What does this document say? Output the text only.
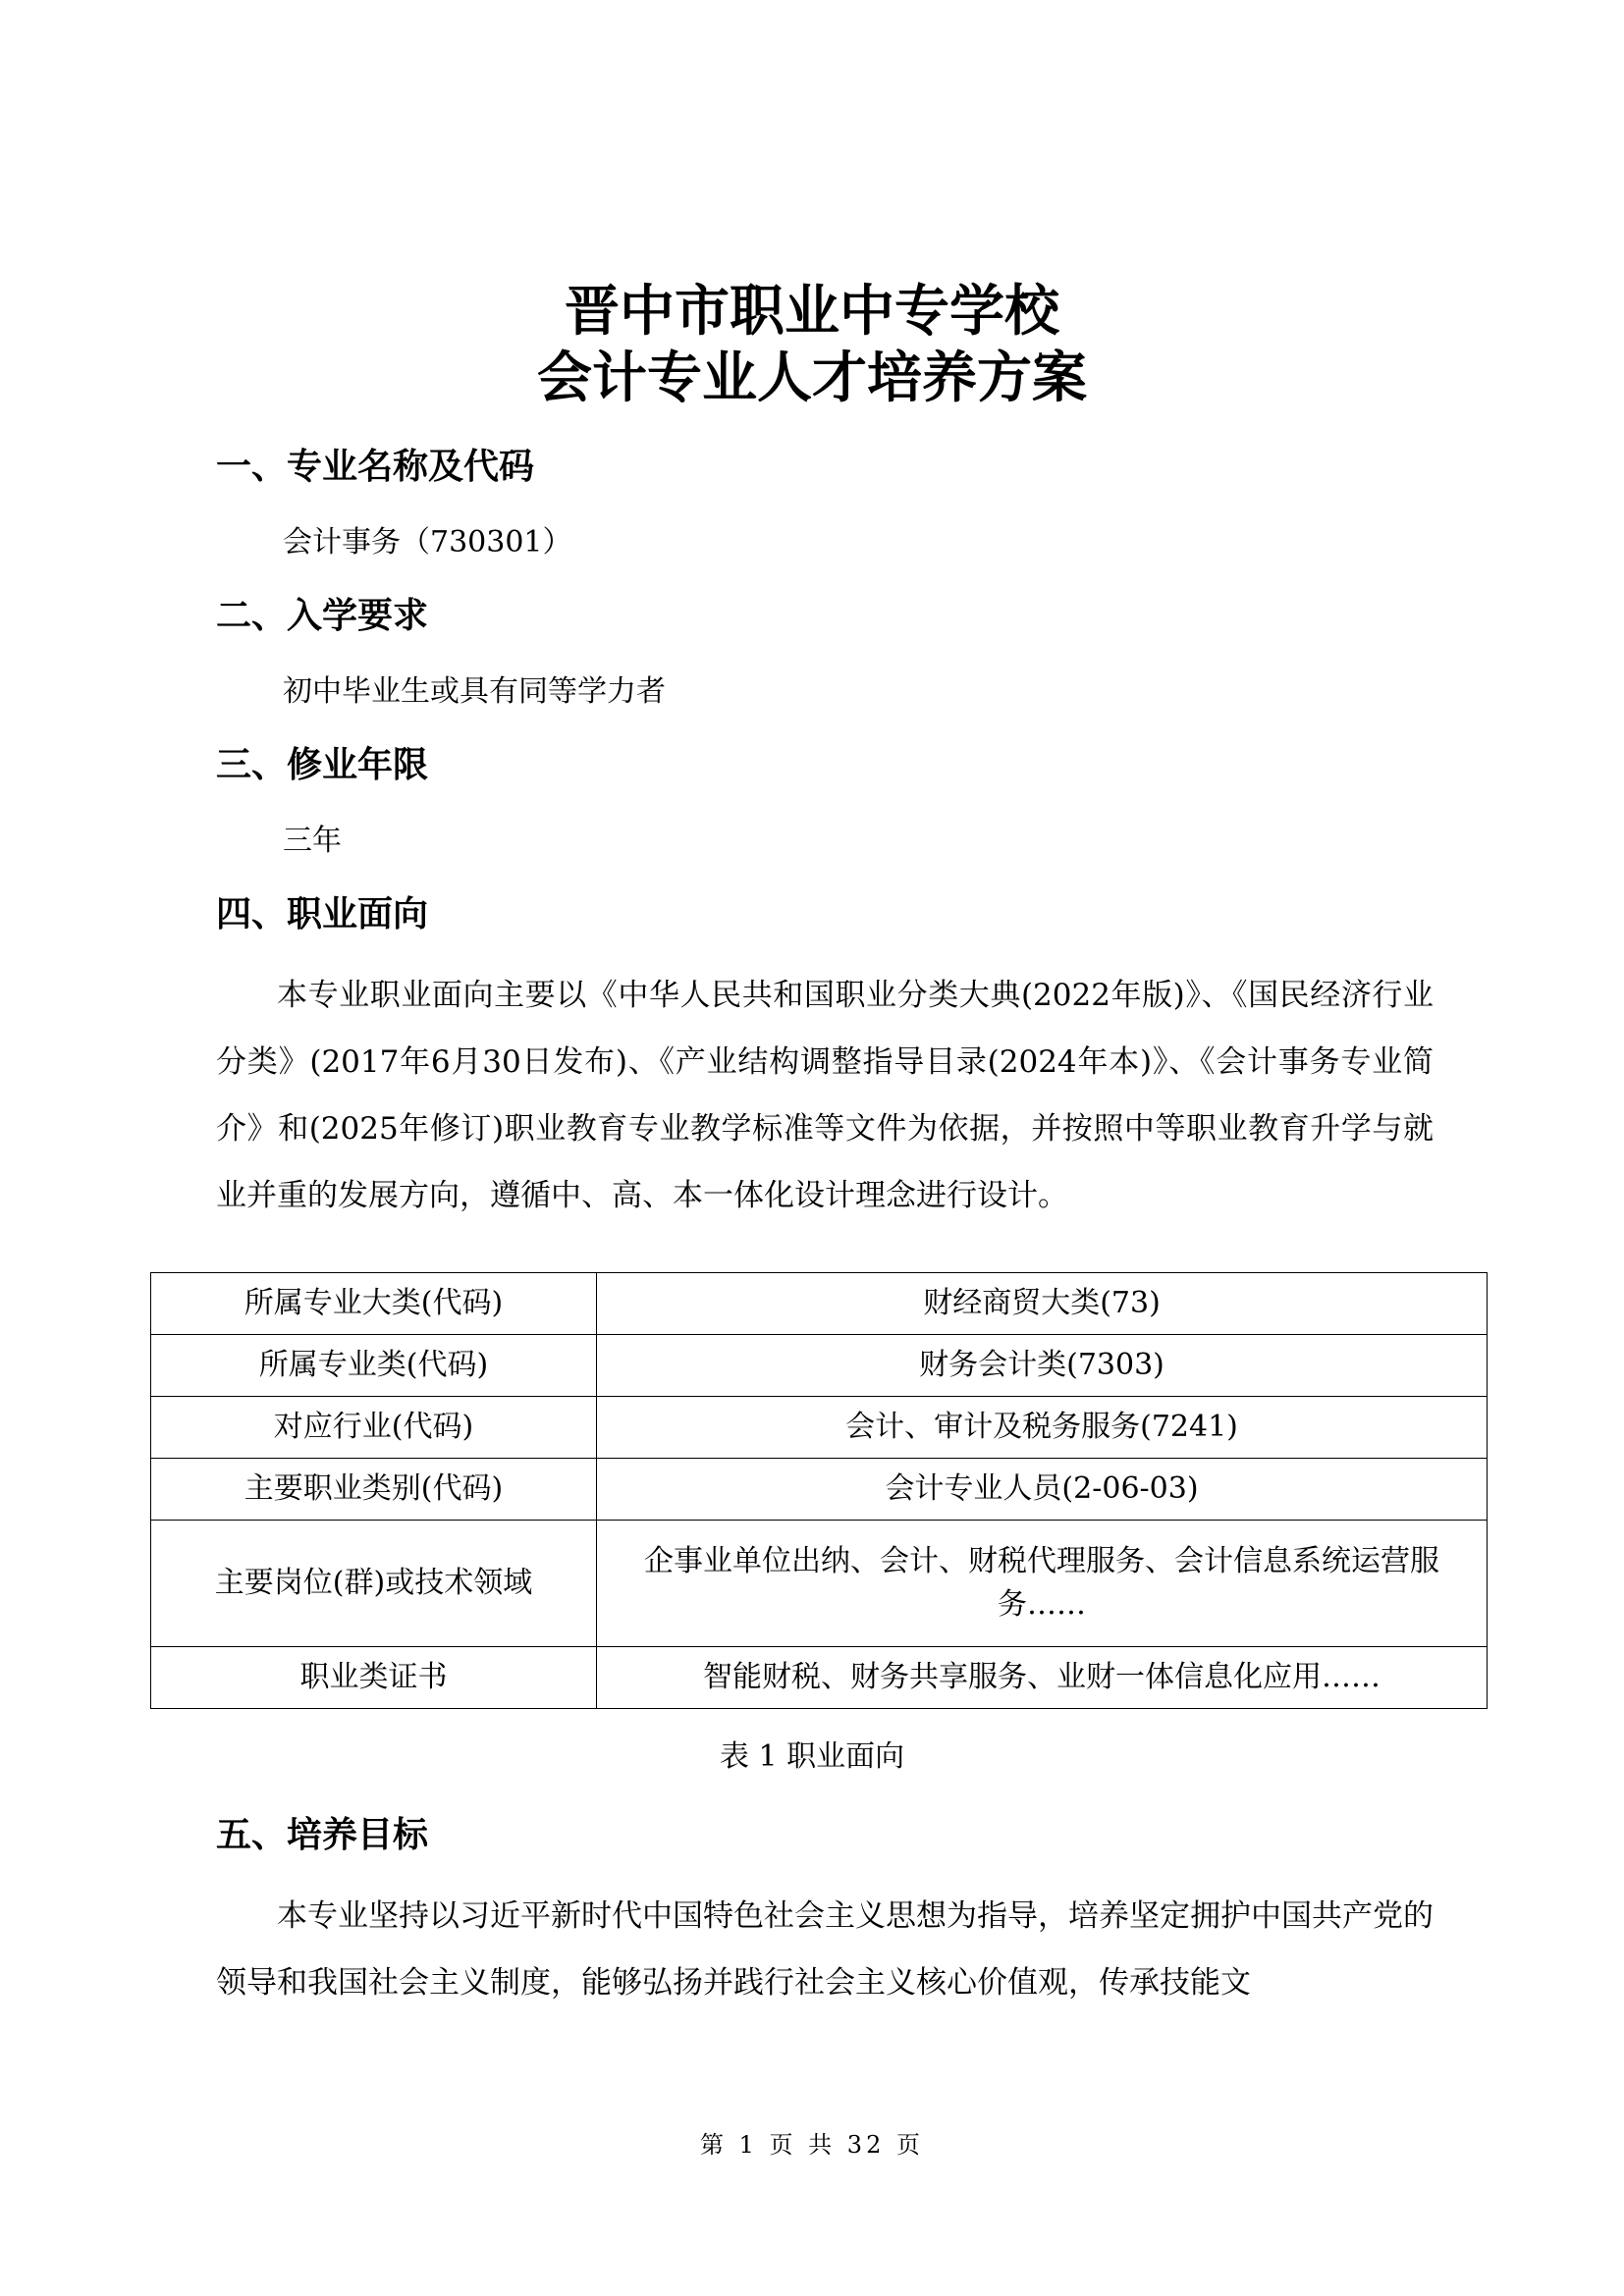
晋中市职业中专学校
会计专业人才培养方案
一、专业名称及代码
会计事务（730301）
二、入学要求
初中毕业生或具有同等学力者
三、修业年限
三年
四、职业面向
本专业职业面向主要以《中华人民共和国职业分类大典(2022年版)》、《国民经济行业分类》(2017年6月30日发布)、《产业结构调整指导目录(2024年本)》、《会计事务专业简介》和(2025年修订)职业教育专业教学标准等文件为依据，并按照中等职业教育升学与就业并重的发展方向，遵循中、高、本一体化设计理念进行设计。
所属专业大类(代码)	财经商贸大类(73)
所属专业类(代码)	财务会计类(7303)
对应行业(代码)	会计、审计及税务服务(7241)
主要职业类别(代码)	会计专业人员(2-06-03)
主要岗位(群)或技术领域	企事业单位出纳、会计、财税代理服务、会计信息系统运营服务……
职业类证书	智能财税、财务共享服务、业财一体信息化应用……
表 1 职业面向
五、培养目标
本专业坚持以习近平新时代中国特色社会主义思想为指导，培养坚定拥护中国共产党的领导和我国社会主义制度，能够弘扬并践行社会主义核心价值观，传承技能文
第 1 页 共 32 页
